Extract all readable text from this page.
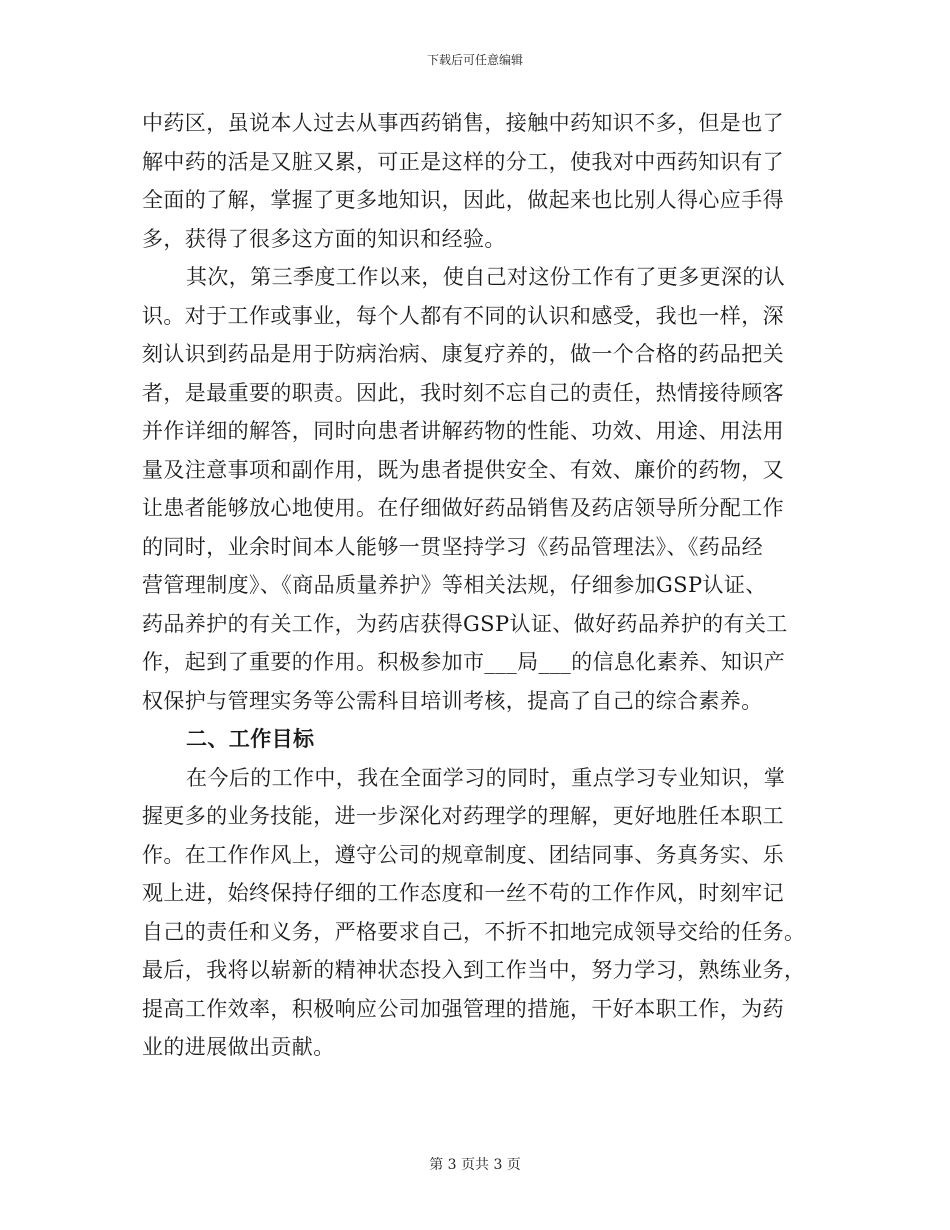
下载后可任意编辑
中药区，虽说本人过去从事西药销售，接触中药知识不多，但是也了
解中药的活是又脏又累，可正是这样的分工，使我对中西药知识有了
全面的了解，掌握了更多地知识，因此，做起来也比别人得心应手得
多，获得了很多这方面的知识和经验。
其次，第三季度工作以来，使自己对这份工作有了更多更深的认
识。对于工作或事业，每个人都有不同的认识和感受，我也一样，深
刻认识到药品是用于防病治病、康复疗养的，做一个合格的药品把关
者，是最重要的职责。因此，我时刻不忘自己的责任，热情接待顾客
并作详细的解答，同时向患者讲解药物的性能、功效、用途、用法用
量及注意事项和副作用，既为患者提供安全、有效、廉价的药物，又
让患者能够放心地使用。在仔细做好药品销售及药店领导所分配工作
的同时，业余时间本人能够一贯坚持学习《药品管理法》、《药品经
营管理制度》、《商品质量养护》等相关法规，仔细参加GSP认证、
药品养护的有关工作，为药店获得GSP认证、做好药品养护的有关工
作，起到了重要的作用。积极参加市___局___的信息化素养、知识产
权保护与管理实务等公需科目培训考核，提高了自己的综合素养。
二、工作目标
在今后的工作中，我在全面学习的同时，重点学习专业知识，掌
握更多的业务技能，进一步深化对药理学的理解，更好地胜任本职工
作。在工作作风上，遵守公司的规章制度、团结同事、务真务实、乐
观上进，始终保持仔细的工作态度和一丝不苟的工作作风，时刻牢记
自己的责任和义务，严格要求自己，不折不扣地完成领导交给的任务。
最后，我将以崭新的精神状态投入到工作当中，努力学习，熟练业务，
提高工作效率，积极响应公司加强管理的措施，干好本职工作，为药
业的进展做出贡献。
第 3 页共 3 页
